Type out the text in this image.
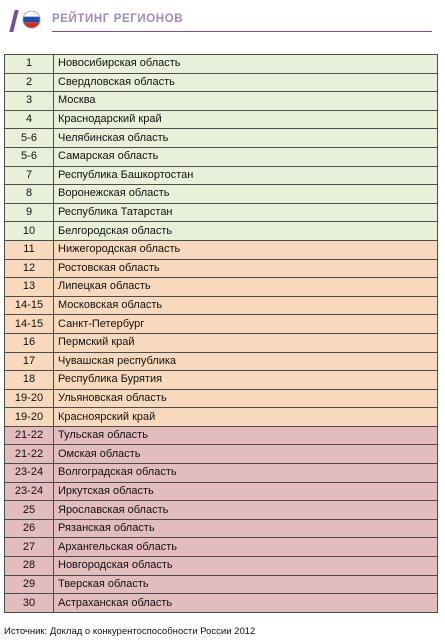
РЕЙТИНГ РЕГИОНОВ
1	Новосибирская область
2	Свердловская область
3	Москва
4	Краснодарский край
5-6	Челябинская область
5-6	Самарская область
7	Республика Башкортостан
8	Воронежская область
9	Республика Татарстан
10	Белгородская область
11	Нижегородская область
12	Ростовская область
13	Липецкая область
14-15	Московская область
14-15	Санкт-Петербург
16	Пермский край
17	Чувашская республика
18	Республика Бурятия
19-20	Ульяновская область
19-20	Красноярский край
21-22	Тульская область
21-22	Омская область
23-24	Волгоградская область
23-24	Иркутская область
25	Ярославская область
26	Рязанская область
27	Архангельская область
28	Новгородская область
29	Тверская область
30	Астраханская область
Источник: Доклад о конкурентоспособности России 2012
